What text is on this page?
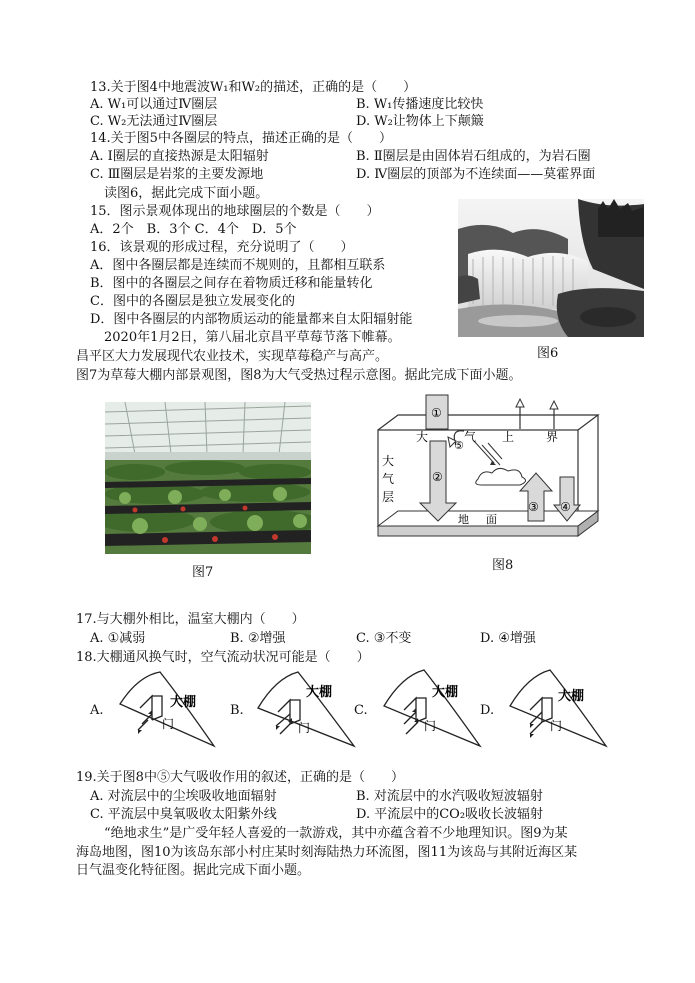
13.关于图4中地震波W₁和W₂的描述，正确的是（　　）
A. W₁可以通过Ⅳ圈层	B. W₁传播速度比较快
C. W₂无法通过Ⅳ圈层	D. W₂让物体上下颠簸
14.关于图5中各圈层的特点，描述正确的是（　　）
A. Ⅰ圈层的直接热源是太阳辐射	B. Ⅱ圈层是由固体岩石组成的，为岩石圈
C. Ⅲ圈层是岩浆的主要发源地	D. Ⅳ圈层的顶部为不连续面——莫霍界面
读图6，据此完成下面小题。
15．图示景观体现出的地球圈层的个数是（　　）
A．2个　B．3个 C．4个　D．5个
16．该景观的形成过程，充分说明了（　　）
A．图中各圈层都是连续而不规则的，且都相互联系
B．图中的各圈层之间存在着物质迁移和能量转化
C．图中的各圈层是独立发展变化的
D．图中各圈层的内部物质运动的能量都来自太阳辐射能
图6
2020年1月2日，第八届北京昌平草莓节落下帷幕。
昌平区大力发展现代农业技术，实现草莓稳产与高产。
图7为草莓大棚内部景观图，图8为大气受热过程示意图。据此完成下面小题。
图7
①
②
⑤
③ ④
大	气 上	界
大
气
层
地 面
图8
17.与大棚外相比，温室大棚内（　　）
A. ①减弱	B. ②增强	C. ③不变	D. ④增强
18.大棚通风换气时，空气流动状况可能是（　　）
A.
大棚
门
B.
大棚
门
C.
大棚
门
D.
大棚
门
19.关于图8中⑤大气吸收作用的叙述，正确的是（　　）
A. 对流层中的尘埃吸收地面辐射	B. 对流层中的水汽吸收短波辐射
C. 平流层中臭氧吸收太阳紫外线	D. 平流层中的CO₂吸收长波辐射
“绝地求生”是广受年轻人喜爱的一款游戏，其中亦蕴含着不少地理知识。图9为某
海岛地图，图10为该岛东部小村庄某时刻海陆热力环流图，图11为该岛与其附近海区某
日气温变化特征图。据此完成下面小题。
